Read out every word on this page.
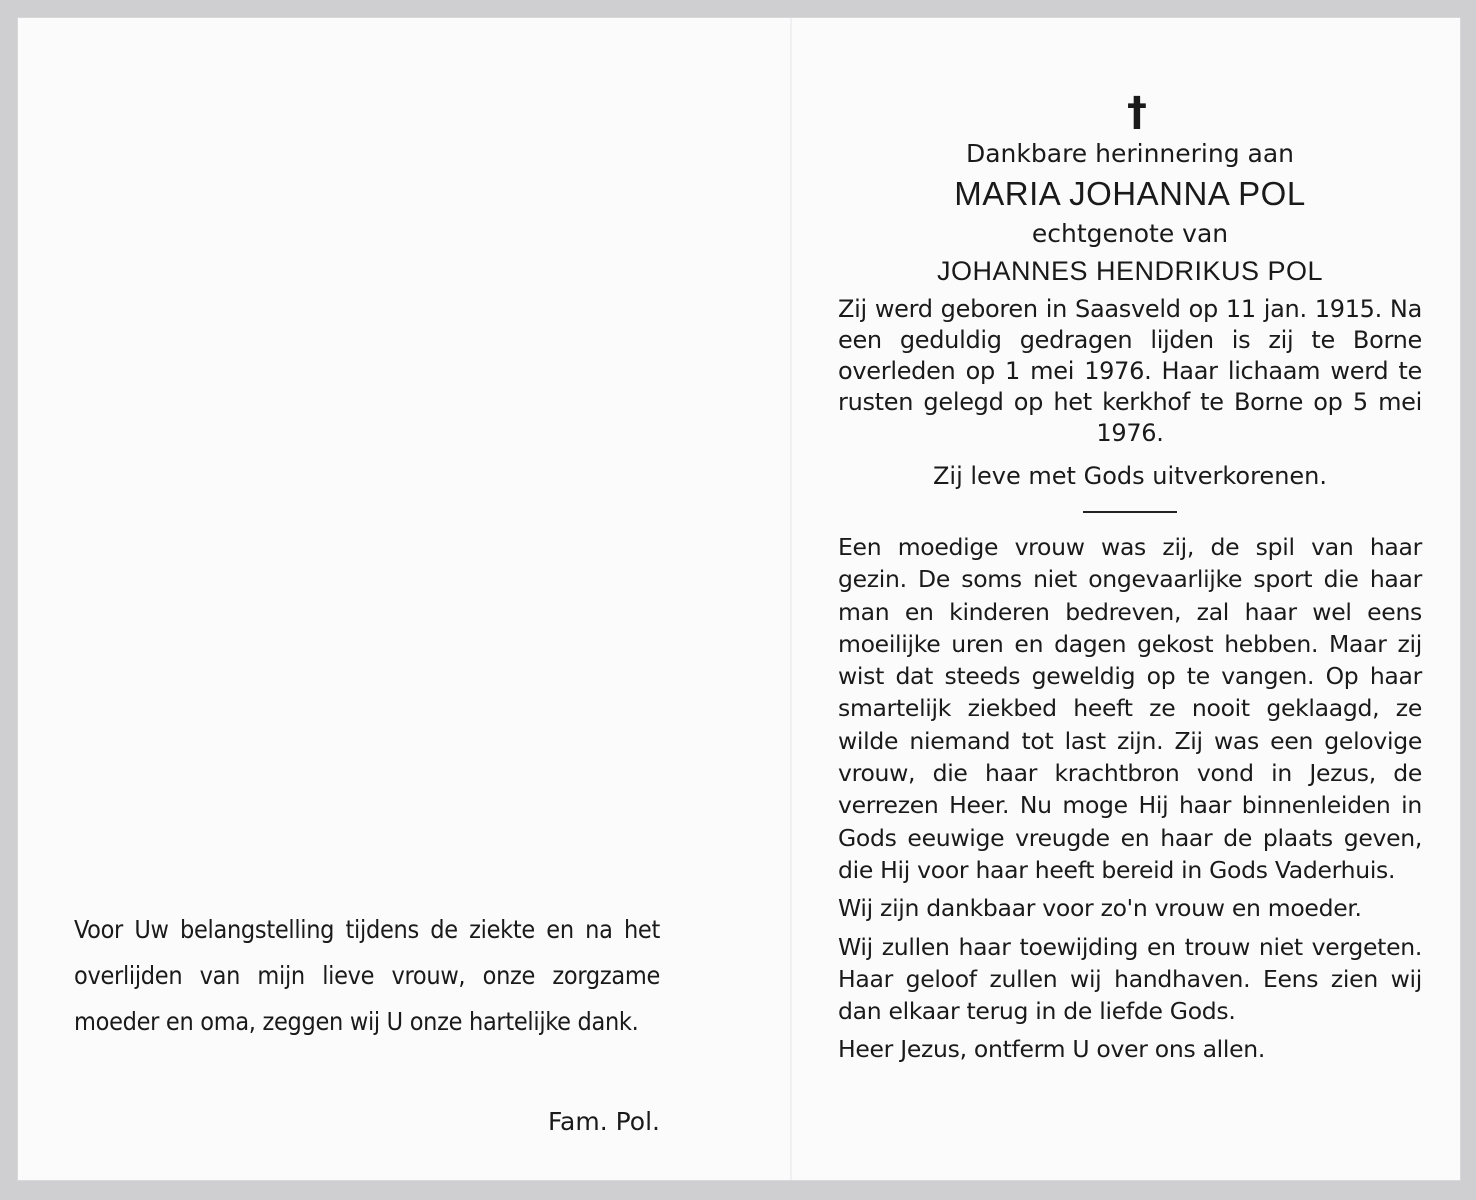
Voor Uw belangstelling tijdens de ziekte en na het overlijden van mijn lieve vrouw, onze zorgzame moeder en oma, zeggen wij U onze hartelijke dank.
Fam. Pol.
†
Dankbare herinnering aan
MARIA JOHANNA POL
echtgenote van
JOHANNES HENDRIKUS POL
Zij werd geboren in Saasveld op 11 jan. 1915. Na een geduldig gedragen lijden is zij te Borne overleden op 1 mei 1976. Haar lichaam werd te rusten gelegd op het kerkhof te Borne op 5 mei 1976.
Zij leve met Gods uitverkorenen.

Een moedige vrouw was zij, de spil van haar gezin. De soms niet ongevaarlijke sport die haar man en kinderen bedreven, zal haar wel eens moeilijke uren en dagen gekost hebben. Maar zij wist dat steeds geweldig op te vangen. Op haar smartelijk ziekbed heeft ze nooit geklaagd, ze wilde niemand tot last zijn. Zij was een gelovige vrouw, die haar krachtbron vond in Jezus, de verrezen Heer. Nu moge Hij haar binnenleiden in Gods eeuwige vreugde en haar de plaats geven, die Hij voor haar heeft bereid in Gods Vaderhuis.

Wij zijn dankbaar voor zo'n vrouw en moeder.

Wij zullen haar toewijding en trouw niet vergeten. Haar geloof zullen wij handhaven. Eens zien wij dan elkaar terug in de liefde Gods.

Heer Jezus, ontferm U over ons allen.
